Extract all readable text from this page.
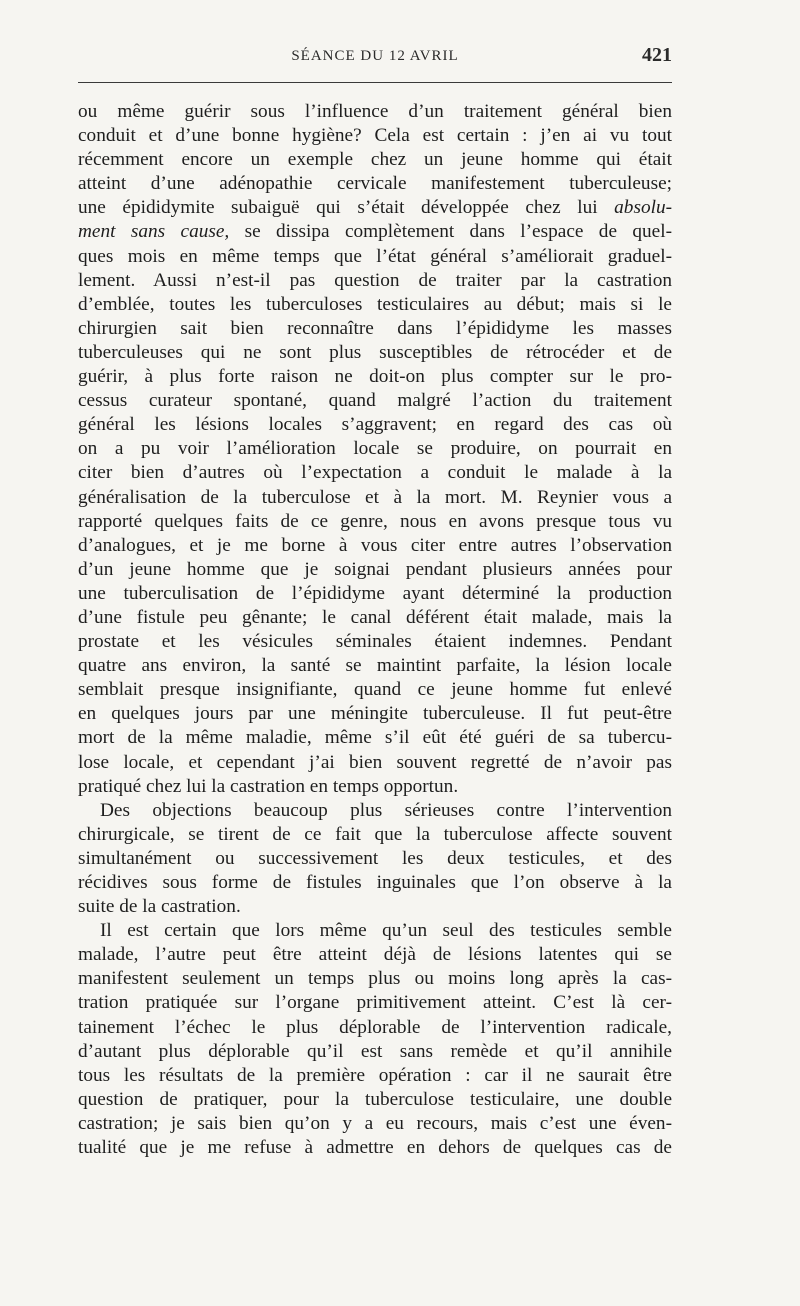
SÉANCE DU 12 AVRIL	421
ou même guérir sous l’influence d’un traitement général bien
conduit et d’une bonne hygiène? Cela est certain : j’en ai vu tout
récemment encore un exemple chez un jeune homme qui était
atteint d’une adénopathie cervicale manifestement tuberculeuse;
une épididymite subaiguë qui s’était développée chez lui absolu-
ment sans cause, se dissipa complètement dans l’espace de quel-
ques mois en même temps que l’état général s’améliorait graduel-
lement. Aussi n’est-il pas question de traiter par la castration
d’emblée, toutes les tuberculoses testiculaires au début; mais si le
chirurgien sait bien reconnaître dans l’épididyme les masses
tuberculeuses qui ne sont plus susceptibles de rétrocéder et de
guérir, à plus forte raison ne doit-on plus compter sur le pro-
cessus curateur spontané, quand malgré l’action du traitement
général les lésions locales s’aggravent; en regard des cas où
on a pu voir l’amélioration locale se produire, on pourrait en
citer bien d’autres où l’expectation a conduit le malade à la
généralisation de la tuberculose et à la mort. M. Reynier vous a
rapporté quelques faits de ce genre, nous en avons presque tous vu
d’analogues, et je me borne à vous citer entre autres l’observation
d’un jeune homme que je soignai pendant plusieurs années pour
une tuberculisation de l’épididyme ayant déterminé la production
d’une fistule peu gênante; le canal déférent était malade, mais la
prostate et les vésicules séminales étaient indemnes. Pendant
quatre ans environ, la santé se maintint parfaite, la lésion locale
semblait presque insignifiante, quand ce jeune homme fut enlevé
en quelques jours par une méningite tuberculeuse. Il fut peut-être
mort de la même maladie, même s’il eût été guéri de sa tubercu-
lose locale, et cependant j’ai bien souvent regretté de n’avoir pas
pratiqué chez lui la castration en temps opportun.
Des objections beaucoup plus sérieuses contre l’intervention
chirurgicale, se tirent de ce fait que la tuberculose affecte souvent
simultanément ou successivement les deux testicules, et des
récidives sous forme de fistules inguinales que l’on observe à la
suite de la castration.
Il est certain que lors même qu’un seul des testicules semble
malade, l’autre peut être atteint déjà de lésions latentes qui se
manifestent seulement un temps plus ou moins long après la cas-
tration pratiquée sur l’organe primitivement atteint. C’est là cer-
tainement l’échec le plus déplorable de l’intervention radicale,
d’autant plus déplorable qu’il est sans remède et qu’il annihile
tous les résultats de la première opération : car il ne saurait être
question de pratiquer, pour la tuberculose testiculaire, une double
castration; je sais bien qu’on y a eu recours, mais c’est une éven-
tualité que je me refuse à admettre en dehors de quelques cas de
